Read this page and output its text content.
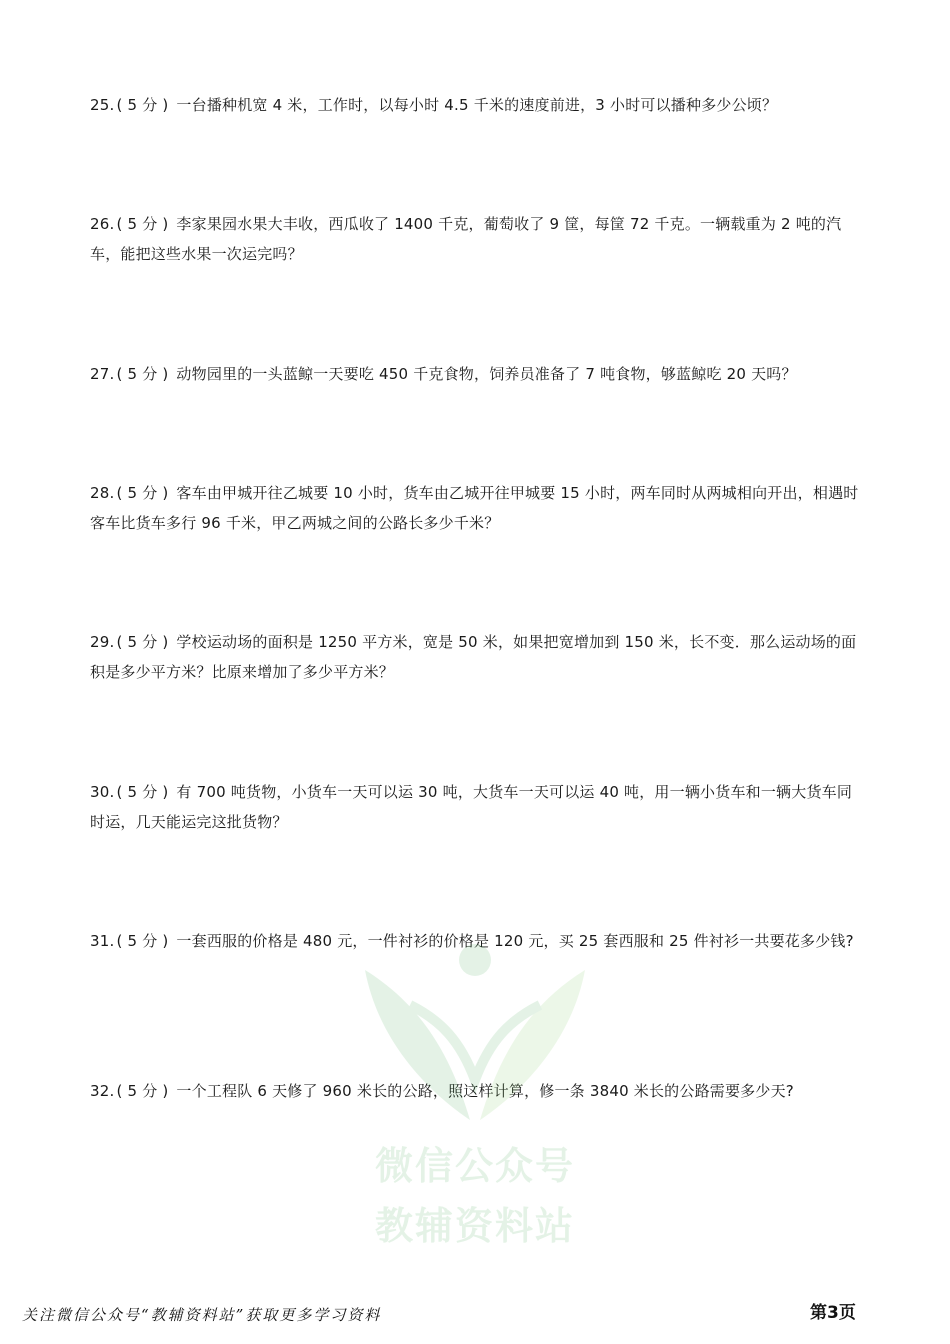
25. ( 5 分 ) 一台播种机宽 4 米，工作时，以每小时 4.5 千米的速度前进，3 小时可以播种多少公顷？
26. ( 5 分 ) 李家果园水果大丰收，西瓜收了 1400 千克，葡萄收了 9 筐，每筐 72 千克。一辆载重为 2 吨的汽车，能把这些水果一次运完吗？
27. ( 5 分 ) 动物园里的一头蓝鲸一天要吃 450 千克食物，饲养员准备了 7 吨食物，够蓝鲸吃 20 天吗？
28. ( 5 分 ) 客车由甲城开往乙城要 10 小时，货车由乙城开往甲城要 15 小时，两车同时从两城相向开出，相遇时客车比货车多行 96 千米，甲乙两城之间的公路长多少千米？
29. ( 5 分 ) 学校运动场的面积是 1250 平方米，宽是 50 米，如果把宽增加到 150 米，长不变．那么运动场的面积是多少平方米？比原来增加了多少平方米？
30. ( 5 分 ) 有 700 吨货物，小货车一天可以运 30 吨，大货车一天可以运 40 吨，用一辆小货车和一辆大货车同时运，几天能运完这批货物？
31. ( 5 分 ) 一套西服的价格是 480 元，一件衬衫的价格是 120 元，买 25 套西服和 25 件衬衫一共要花多少钱?
32. ( 5 分 ) 一个工程队 6 天修了 960 米长的公路，照这样计算，修一条 3840 米长的公路需要多少天?
微信公众号
教辅资料站
关注微信公众号“教辅资料站”获取更多学习资料	第3页
